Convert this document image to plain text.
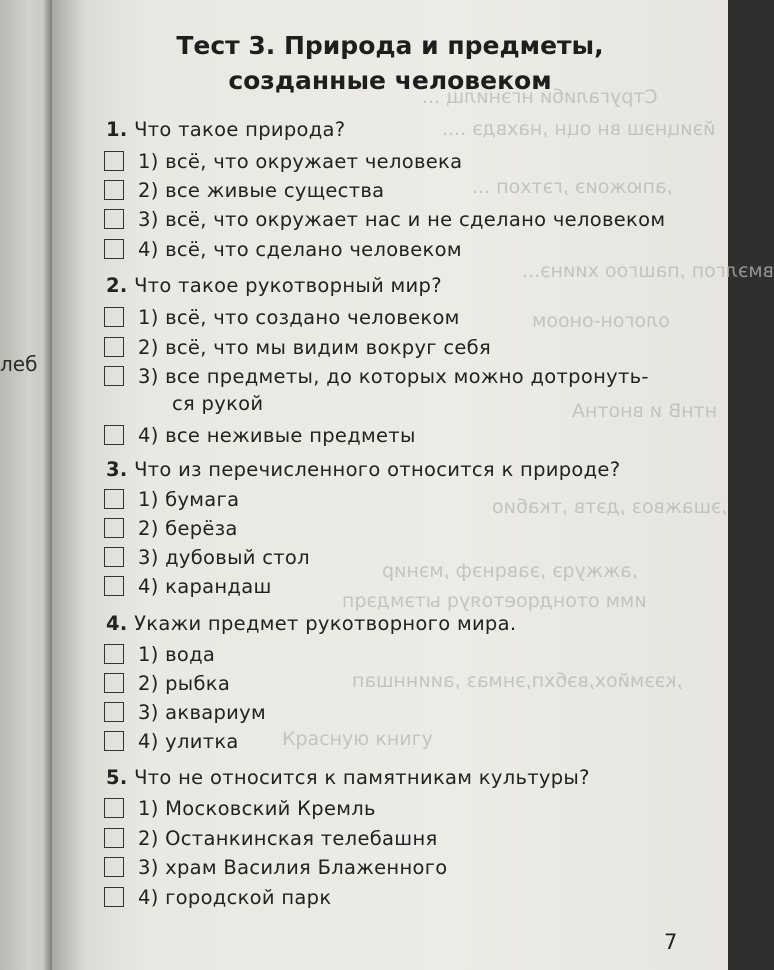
леб
Стругалиби нгэнилщ ...
йэицнэш вн оцн ,нахвдэ ....
,апюжоиэ ,гэтхоп ...
вмэлгоп ,пашгоо хиинэ...
ологон-оноом
нтнВ и внотнА
,эшажвоз ,дэтв ,ткабио
,ажжуqэ ,эавqнэф ,мэнир
имм отондqоетояуq ытэмдэqп
,кээмйох,вэбхп,энмаз ,аиинншап
Красную книгу
Тест 3. Природа и предметы,
созданные человеком
1. Что такое природа?
1) всё, что окружает человека
2) все живые существа
3) всё, что окружает нас и не сделано человеком
4) всё, что сделано человеком
2. Что такое рукотворный мир?
1) всё, что создано человеком
2) всё, что мы видим вокруг себя
3) все предметы, до которых можно дотронуть-
ся рукой
4) все неживые предметы
3. Что из перечисленного относится к природе?
1) бумага
2) берёза
3) дубовый стол
4) карандаш
4. Укажи предмет рукотворного мира.
1) вода
2) рыбка
3) аквариум
4) улитка
5. Что не относится к памятникам культуры?
1) Московский Кремль
2) Останкинская телебашня
3) храм Василия Блаженного
4) городской парк
7
